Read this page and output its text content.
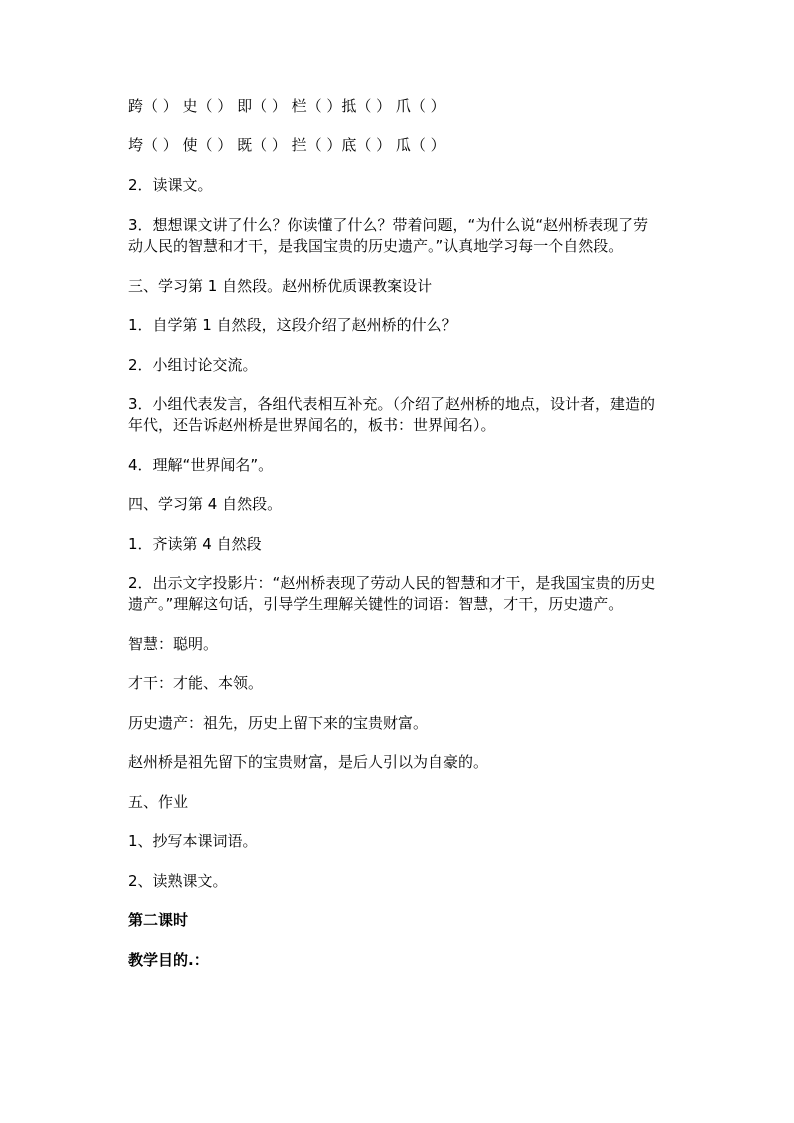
跨（ ） 史（ ） 即（ ） 栏（ ）抵（ ） 爪（ ）
垮（ ） 使（ ） 既（ ） 拦（ ）底（ ） 瓜（ ）
2．读课文。
3．想想课文讲了什么？你读懂了什么？带着问题，“为什么说“赵州桥表现了劳
动人民的智慧和才干，是我国宝贵的历史遗产。”认真地学习每一个自然段。
三、学习第 1 自然段。赵州桥优质课教案设计
1．自学第 1 自然段，这段介绍了赵州桥的什么？
2．小组讨论交流。
3．小组代表发言，各组代表相互补充。（介绍了赵州桥的地点，设计者，建造的
年代，还告诉赵州桥是世界闻名的，板书：世界闻名）。
4．理解“世界闻名”。
四、学习第 4 自然段。
1．齐读第 4 自然段
2．出示文字投影片：“赵州桥表现了劳动人民的智慧和才干，是我国宝贵的历史
遗产。”理解这句话，引导学生理解关键性的词语：智慧，才干，历史遗产。
智慧：聪明。
才干：才能、本领。
历史遗产：祖先，历史上留下来的宝贵财富。
赵州桥是祖先留下的宝贵财富，是后人引以为自豪的。
五、作业
1、抄写本课词语。
2、读熟课文。
第二课时
教学目的.：
